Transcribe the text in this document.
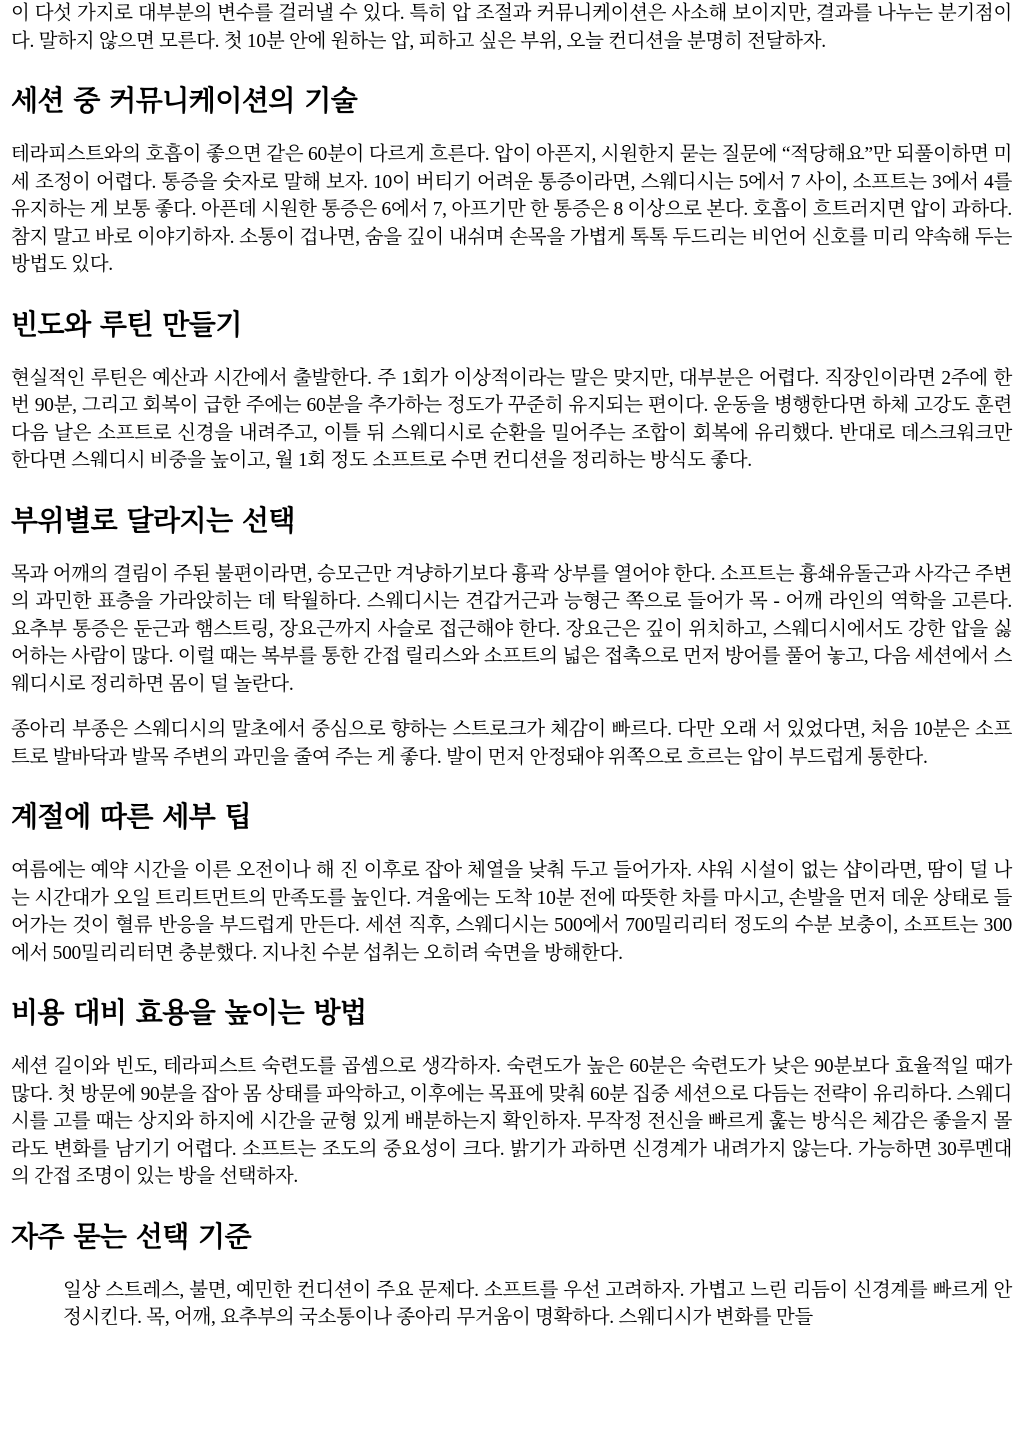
이 다섯 가지로 대부분의 변수를 걸러낼 수 있다. 특히 압 조절과 커뮤니케이션은 사소해 보이지만, 결과를 나누는 분기점이다. 말하지 않으면 모른다. 첫 10분 안에 원하는 압, 피하고 싶은 부위, 오늘 컨디션을 분명히 전달하자.

세션 중 커뮤니케이션의 기술

테라피스트와의 호흡이 좋으면 같은 60분이 다르게 흐른다. 압이 아픈지, 시원한지 묻는 질문에 “적당해요”만 되풀이하면 미세 조정이 어렵다. 통증을 숫자로 말해 보자. 10이 버티기 어려운 통증이라면, 스웨디시는 5에서 7 사이, 소프트는 3에서 4를 유지하는 게 보통 좋다. 아픈데 시원한 통증은 6에서 7, 아프기만 한 통증은 8 이상으로 본다. 호흡이 흐트러지면 압이 과하다. 참지 말고 바로 이야기하자. 소통이 겁나면, 숨을 깊이 내쉬며 손목을 가볍게 톡톡 두드리는 비언어 신호를 미리 약속해 두는 방법도 있다.

빈도와 루틴 만들기

현실적인 루틴은 예산과 시간에서 출발한다. 주 1회가 이상적이라는 말은 맞지만, 대부분은 어렵다. 직장인이라면 2주에 한 번 90분, 그리고 회복이 급한 주에는 60분을 추가하는 정도가 꾸준히 유지되는 편이다. 운동을 병행한다면 하체 고강도 훈련 다음 날은 소프트로 신경을 내려주고, 이틀 뒤 스웨디시로 순환을 밀어주는 조합이 회복에 유리했다. 반대로 데스크워크만 한다면 스웨디시 비중을 높이고, 월 1회 정도 소프트로 수면 컨디션을 정리하는 방식도 좋다.

부위별로 달라지는 선택

목과 어깨의 결림이 주된 불편이라면, 승모근만 겨냥하기보다 흉곽 상부를 열어야 한다. 소프트는 흉쇄유돌근과 사각근 주변의 과민한 표층을 가라앉히는 데 탁월하다. 스웨디시는 견갑거근과 능형근 쪽으로 들어가 목 - 어깨 라인의 역학을 고른다. 요추부 통증은 둔근과 햄스트링, 장요근까지 사슬로 접근해야 한다. 장요근은 깊이 위치하고, 스웨디시에서도 강한 압을 싫어하는 사람이 많다. 이럴 때는 복부를 통한 간접 릴리스와 소프트의 넓은 접촉으로 먼저 방어를 풀어 놓고, 다음 세션에서 스웨디시로 정리하면 몸이 덜 놀란다.

종아리 부종은 스웨디시의 말초에서 중심으로 향하는 스트로크가 체감이 빠르다. 다만 오래 서 있었다면, 처음 10분은 소프트로 발바닥과 발목 주변의 과민을 줄여 주는 게 좋다. 발이 먼저 안정돼야 위쪽으로 흐르는 압이 부드럽게 통한다.

계절에 따른 세부 팁

여름에는 예약 시간을 이른 오전이나 해 진 이후로 잡아 체열을 낮춰 두고 들어가자. 샤워 시설이 없는 샵이라면, 땀이 덜 나는 시간대가 오일 트리트먼트의 만족도를 높인다. 겨울에는 도착 10분 전에 따뜻한 차를 마시고, 손발을 먼저 데운 상태로 들어가는 것이 혈류 반응을 부드럽게 만든다. 세션 직후, 스웨디시는 500에서 700밀리리터 정도의 수분 보충이, 소프트는 300에서 500밀리리터면 충분했다. 지나친 수분 섭취는 오히려 숙면을 방해한다.

비용 대비 효용을 높이는 방법

세션 길이와 빈도, 테라피스트 숙련도를 곱셈으로 생각하자. 숙련도가 높은 60분은 숙련도가 낮은 90분보다 효율적일 때가 많다. 첫 방문에 90분을 잡아 몸 상태를 파악하고, 이후에는 목표에 맞춰 60분 집중 세션으로 다듬는 전략이 유리하다. 스웨디시를 고를 때는 상지와 하지에 시간을 균형 있게 배분하는지 확인하자. 무작정 전신을 빠르게 훑는 방식은 체감은 좋을지 몰라도 변화를 남기기 어렵다. 소프트는 조도의 중요성이 크다. 밝기가 과하면 신경계가 내려가지 않는다. 가능하면 30루멘대의 간접 조명이 있는 방을 선택하자.

자주 묻는 선택 기준

일상 스트레스, 불면, 예민한 컨디션이 주요 문제다. 소프트를 우선 고려하자. 가볍고 느린 리듬이 신경계를 빠르게 안정시킨다. 목, 어깨, 요추부의 국소통이나 종아리 무거움이 명확하다. 스웨디시가 변화를 만들
